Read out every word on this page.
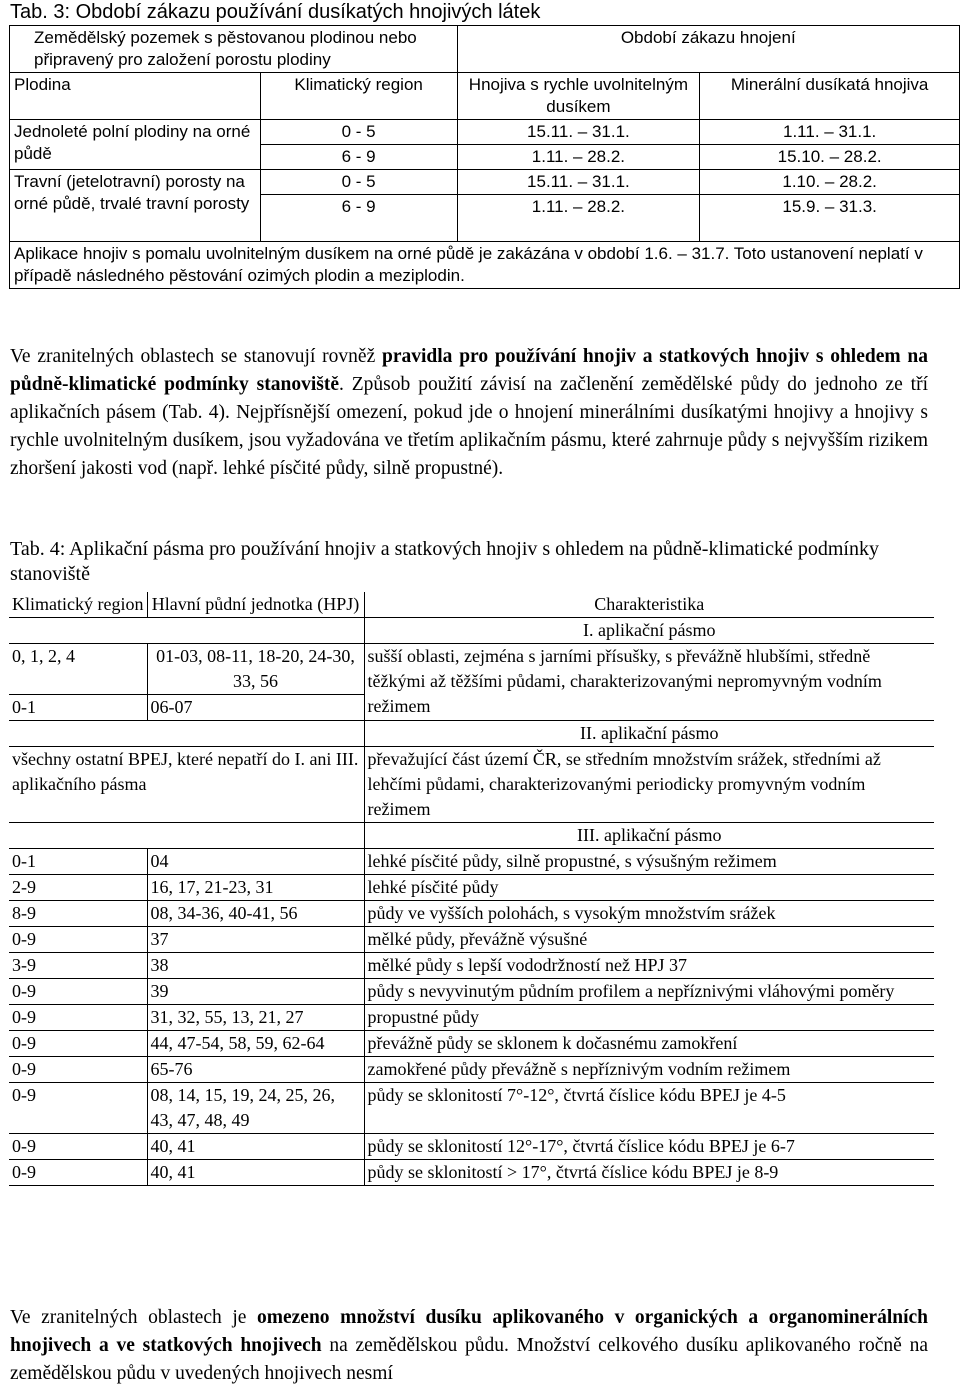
Tab. 3: Období zákazu používání dusíkatých hnojivých látek
Zemědělský pozemek s pěstovanou plodinou nebo připravený pro založení porostu plodiny		Období zákazu hnojení	
Plodina	Klimatický region	Hnojiva s rychle uvolnitelným dusíkem	Minerální dusíkatá hnojiva
Jednoleté polní plodiny na orné půdě	0 - 5	15.11. – 31.1.	1.11. – 31.1.
	6 - 9	1.11. – 28.2.	15.10. – 28.2.
Travní (jetelotravní) porosty na orné půdě, trvalé travní porosty	0 - 5	15.11. – 31.1.	1.10. – 28.2.
	6 - 9	1.11. – 28.2.	15.9. – 31.3.
Aplikace hnojiv s pomalu uvolnitelným dusíkem na orné půdě je zakázána v období 1.6. – 31.7. Toto ustanovení neplatí v případě následného pěstování ozimých plodin a meziplodin.			
Ve zranitelných oblastech se stanovují rovněž pravidla pro používání hnojiv a statkových hnojiv s ohledem na půdně-klimatické podmínky stanoviště. Způsob použití závisí na začlenění zemědělské půdy do jednoho ze tří aplikačních pásem (Tab. 4). Nejpřísnější omezení, pokud jde o hnojení minerálními dusíkatými hnojivy a hnojivy s rychle uvolnitelným dusíkem, jsou vyžadována ve třetím aplikačním pásmu, které zahrnuje půdy s nejvyšším rizikem zhoršení jakosti vod (např. lehké písčité půdy, silně propustné).
Tab. 4: Aplikační pásma pro používání hnojiv a statkových hnojiv s ohledem na půdně-klimatické podmínky stanoviště
Klimatický region	Hlavní půdní jednotka (HPJ)	Charakteristika
		I. aplikační pásmo
0, 1, 2, 4	01-03, 08-11, 18-20, 24-30, 33, 56	sušší oblasti, zejména s jarními přísušky, s převážně hlubšími, středně těžkými až těžšími půdami, charakterizovanými nepromyvným vodním režimem
0-1	06-07	
		II. aplikační pásmo
všechny ostatní BPEJ, které nepatří do I. ani III. aplikačního pásma		převažující část území ČR, se středním množstvím srážek, středními až lehčími půdami, charakterizovanými periodicky promyvným vodním režimem
		III. aplikační pásmo
0-1	04	lehké písčité půdy, silně propustné, s výsušným režimem
2-9	16, 17, 21-23, 31	lehké písčité půdy
8-9	08, 34-36, 40-41, 56	půdy ve vyšších polohách, s vysokým množstvím srážek
0-9	37	mělké půdy, převážně výsušné
3-9	38	mělké půdy s lepší vododržností než HPJ 37
0-9	39	půdy s nevyvinutým půdním profilem a nepříznivými vláhovými poměry
0-9	31, 32, 55, 13, 21, 27	propustné půdy
0-9	44, 47-54, 58, 59, 62-64	převážně půdy se sklonem k dočasnému zamokření
0-9	65-76	zamokřené půdy převážně s nepříznivým vodním režimem
0-9	08, 14, 15, 19, 24, 25, 26, 43, 47, 48, 49	půdy se sklonitostí 7°-12°, čtvrtá číslice kódu BPEJ je 4-5
0-9	40, 41	půdy se sklonitostí 12°-17°, čtvrtá číslice kódu BPEJ je 6-7
0-9	40, 41	půdy se sklonitostí > 17°, čtvrtá číslice kódu BPEJ je 8-9
Ve zranitelných oblastech je omezeno množství dusíku aplikovaného v organických a organominerálních hnojivech a ve statkových hnojivech na zemědělskou půdu. Množství celkového dusíku aplikovaného ročně na zemědělskou půdu v uvedených hnojivech nesmí
